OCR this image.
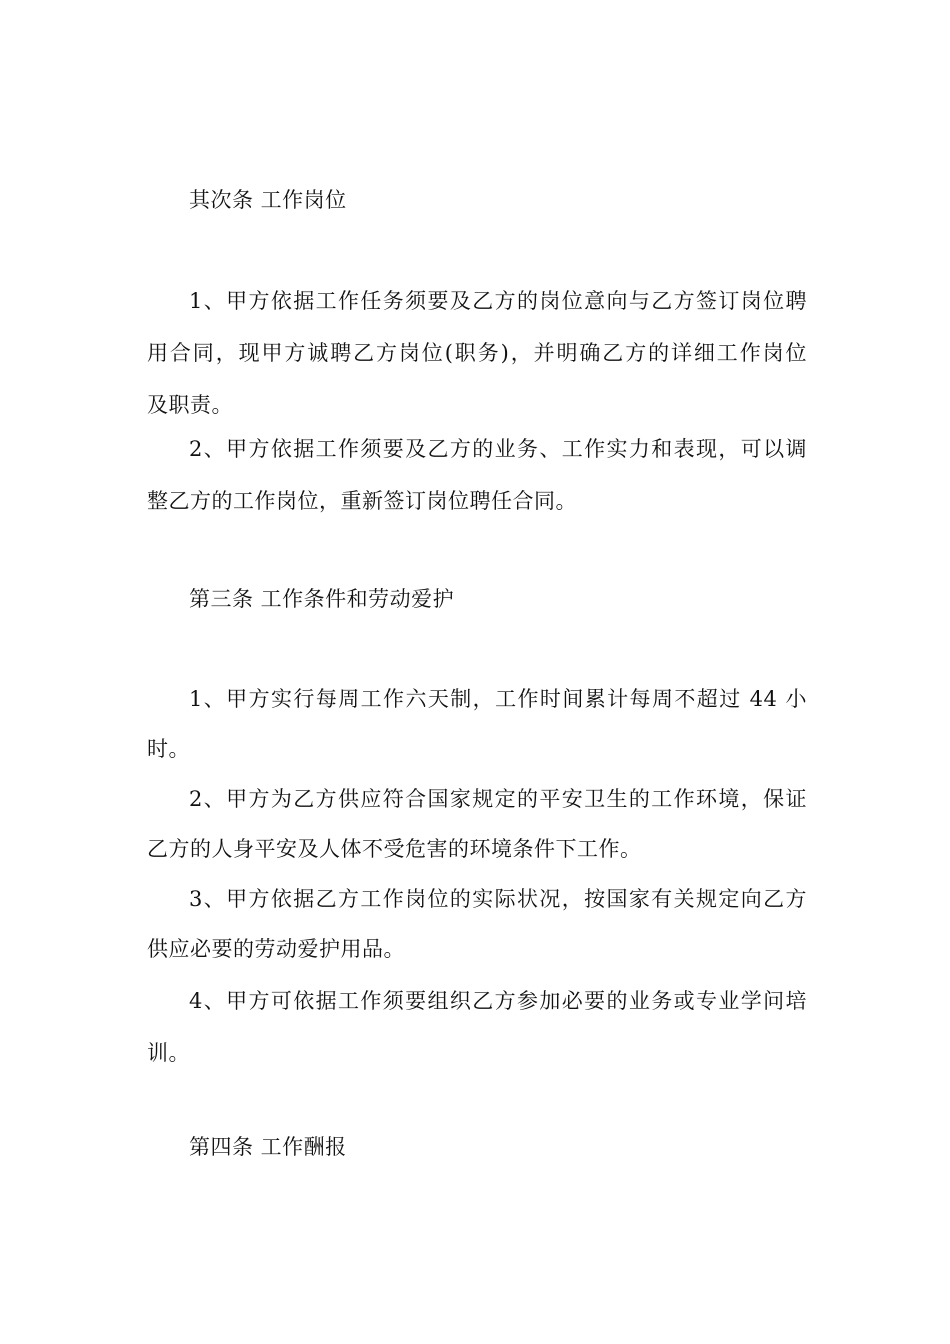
其次条 工作岗位
1、甲方依据工作任务须要及乙方的岗位意向与乙方签订岗位聘
用合同，现甲方诚聘乙方岗位(职务)，并明确乙方的详细工作岗位
及职责。
2、甲方依据工作须要及乙方的业务、工作实力和表现，可以调
整乙方的工作岗位，重新签订岗位聘任合同。
第三条 工作条件和劳动爱护
1、甲方实行每周工作六天制，工作时间累计每周不超过 44 小
时。
2、甲方为乙方供应符合国家规定的平安卫生的工作环境，保证
乙方的人身平安及人体不受危害的环境条件下工作。
3、甲方依据乙方工作岗位的实际状况，按国家有关规定向乙方
供应必要的劳动爱护用品。
4、甲方可依据工作须要组织乙方参加必要的业务或专业学问培
训。
第四条 工作酬报
